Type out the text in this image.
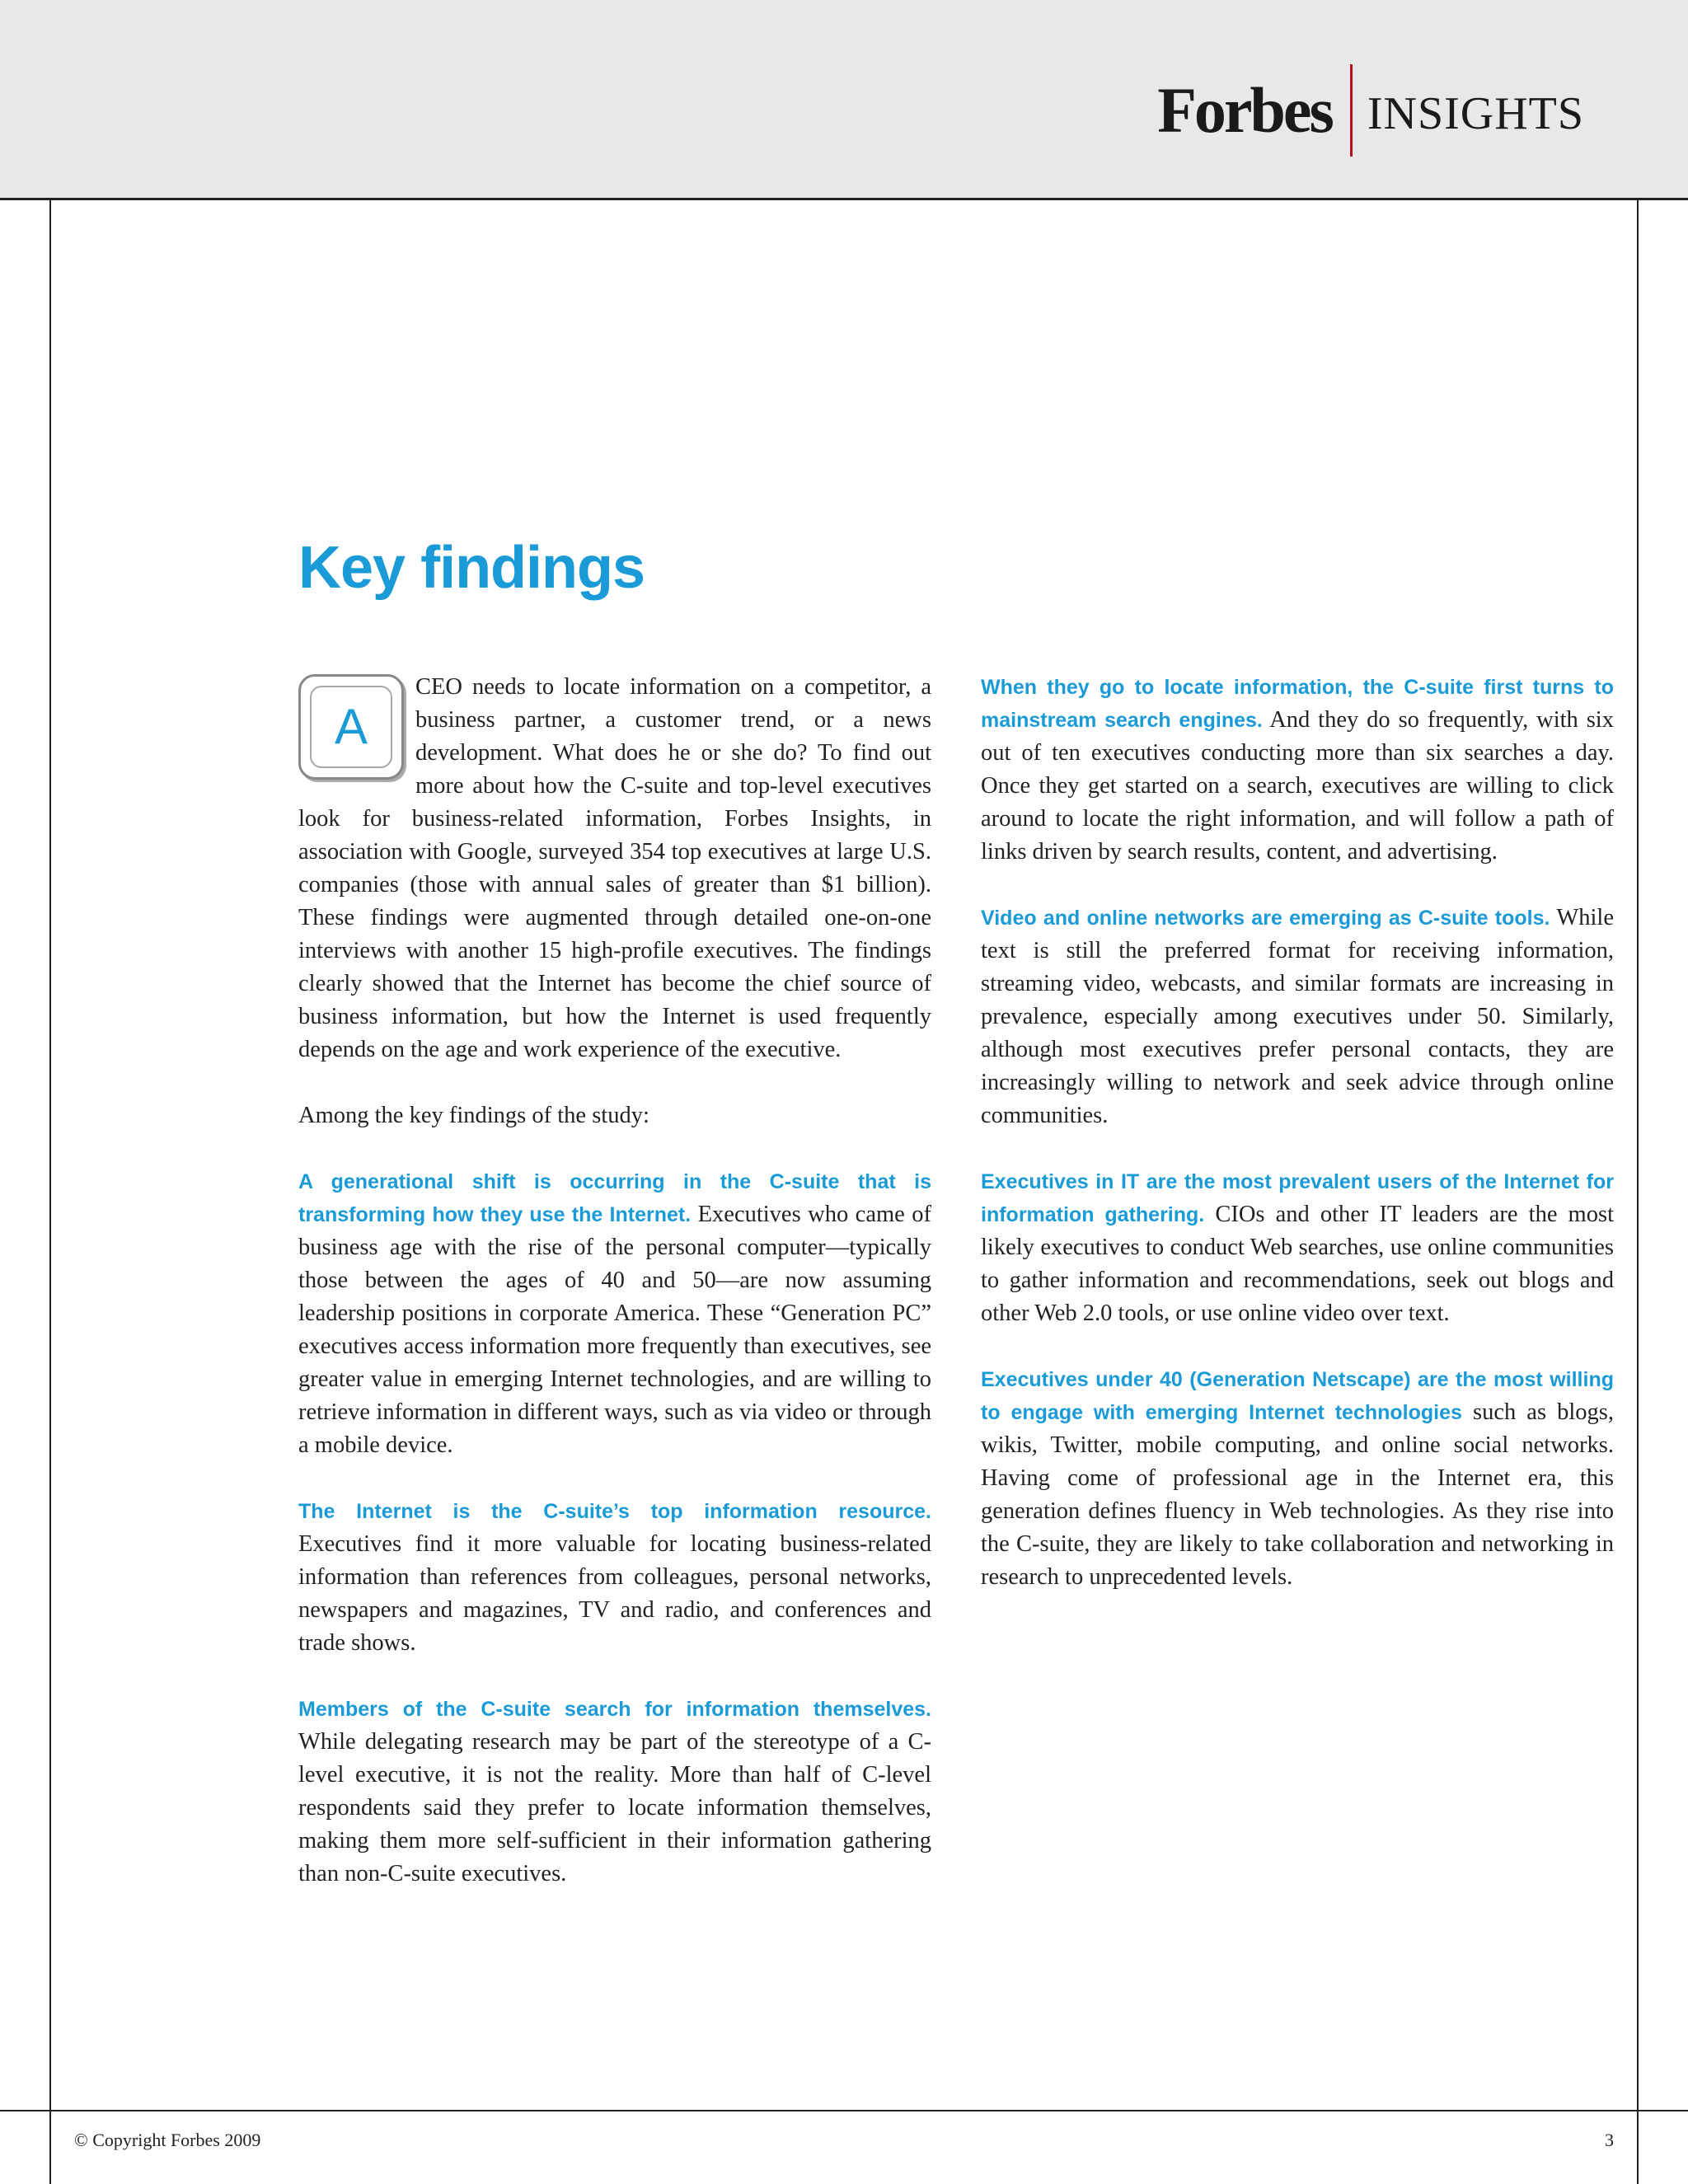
Forbes INSIGHTS
Key findings

A
CEO needs to locate information on a competitor, a business partner, a customer trend, or a news development. What does he or she do? To find out more about how the C-suite and top-level executives look for business-related information, Forbes Insights, in association with Google, surveyed 354 top executives at large U.S. companies (those with annual sales of greater than $1 billion). These findings were augmented through detailed one-on-one interviews with another 15 high-profile executives. The findings clearly showed that the Internet has become the chief source of business information, but how the Internet is used frequently depends on the age and work experience of the executive.

Among the key findings of the study:

A generational shift is occurring in the C-suite that is transforming how they use the Internet. Executives who came of business age with the rise of the personal computer—typically those between the ages of 40 and 50—are now assuming leadership positions in corporate America. These “Generation PC” executives access information more frequently than executives, see greater value in emerging Internet technologies, and are willing to retrieve information in different ways, such as via video or through a mobile device.

The Internet is the C-suite’s top information resource. Executives find it more valuable for locating business-related information than references from colleagues, personal networks, newspapers and magazines, TV and radio, and conferences and trade shows.

Members of the C-suite search for information themselves. While delegating research may be part of the stereotype of a C-level executive, it is not the reality. More than half of C-level respondents said they prefer to locate information themselves, making them more self-sufficient in their information gathering than non-C-suite executives.

When they go to locate information, the C-suite first turns to mainstream search engines. And they do so frequently, with six out of ten executives conducting more than six searches a day. Once they get started on a search, executives are willing to click around to locate the right information, and will follow a path of links driven by search results, content, and advertising.

Video and online networks are emerging as C-suite tools. While text is still the preferred format for receiving information, streaming video, webcasts, and similar formats are increasing in prevalence, especially among executives under 50. Similarly, although most executives prefer personal contacts, they are increasingly willing to network and seek advice through online communities.

Executives in IT are the most prevalent users of the Internet for information gathering. CIOs and other IT leaders are the most likely executives to conduct Web searches, use online communities to gather information and recommendations, seek out blogs and other Web 2.0 tools, or use online video over text.

Executives under 40 (Generation Netscape) are the most willing to engage with emerging Internet technologies such as blogs, wikis, Twitter, mobile computing, and online social networks. Having come of professional age in the Internet era, this generation defines fluency in Web technologies. As they rise into the C-suite, they are likely to take collaboration and networking in research to unprecedented levels.

© Copyright Forbes 2009	3
